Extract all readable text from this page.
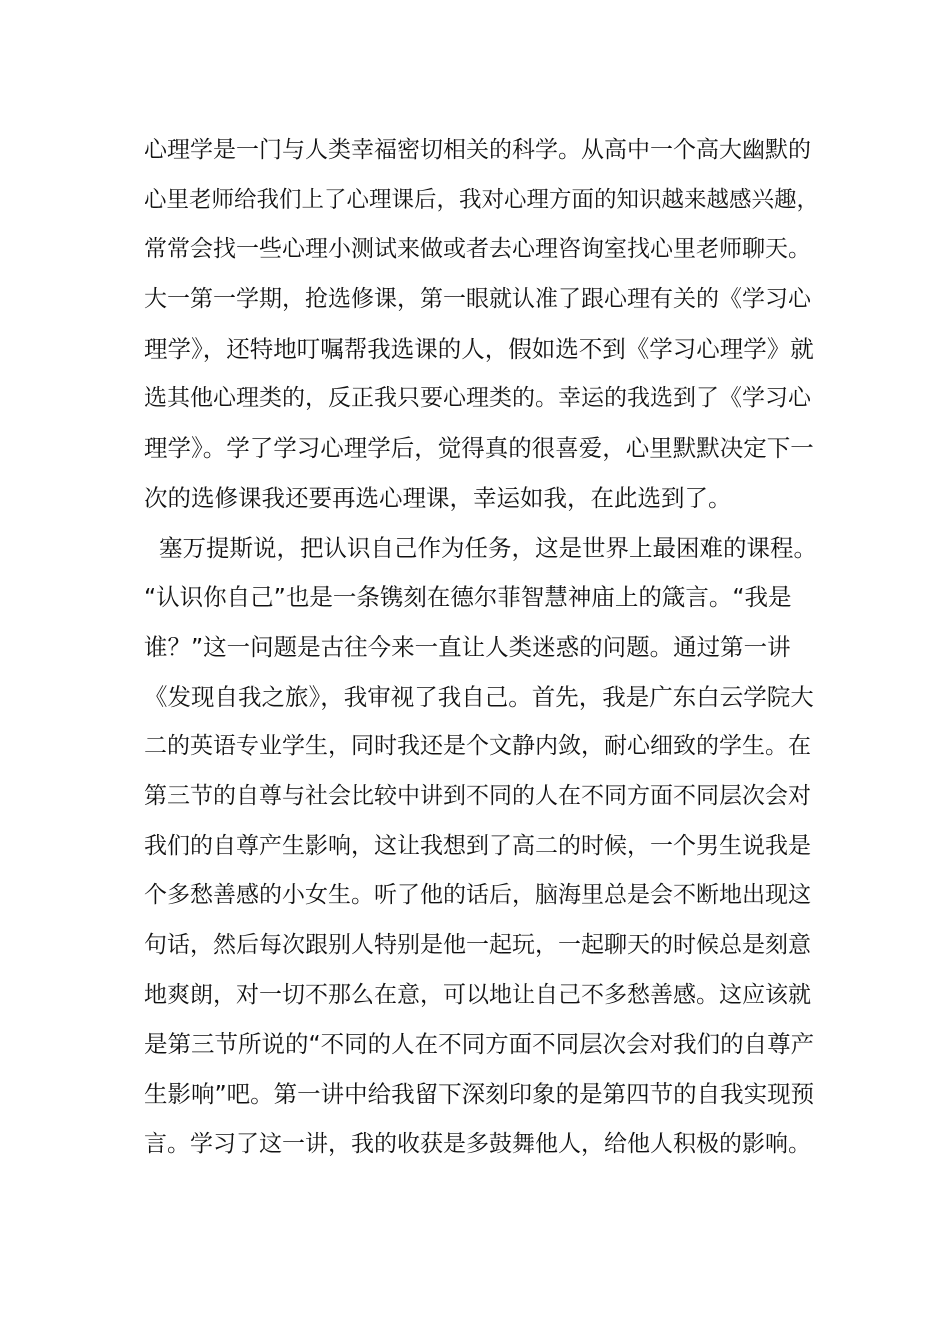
心理学是一门与人类幸福密切相关的科学。从高中一个高大幽默的
心里老师给我们上了心理课后，我对心理方面的知识越来越感兴趣，
常常会找一些心理小测试来做或者去心理咨询室找心里老师聊天。
大一第一学期，抢选修课，第一眼就认准了跟心理有关的《学习心
理学》，还特地叮嘱帮我选课的人，假如选不到《学习心理学》就
选其他心理类的，反正我只要心理类的。幸运的我选到了《学习心
理学》。学了学习心理学后，觉得真的很喜爱，心里默默决定下一
次的选修课我还要再选心理课，幸运如我，在此选到了。
塞万提斯说，把认识自己作为任务，这是世界上最困难的课程。
“认识你自己”也是一条镌刻在德尔菲智慧神庙上的箴言。“我是
谁？”这一问题是古往今来一直让人类迷惑的问题。通过第一讲
《发现自我之旅》，我审视了我自己。首先，我是广东白云学院大
二的英语专业学生，同时我还是个文静内敛，耐心细致的学生。在
第三节的自尊与社会比较中讲到不同的人在不同方面不同层次会对
我们的自尊产生影响，这让我想到了高二的时候，一个男生说我是
个多愁善感的小女生。听了他的话后，脑海里总是会不断地出现这
句话，然后每次跟别人特别是他一起玩，一起聊天的时候总是刻意
地爽朗，对一切不那么在意，可以地让自己不多愁善感。这应该就
是第三节所说的“不同的人在不同方面不同层次会对我们的自尊产
生影响”吧。第一讲中给我留下深刻印象的是第四节的自我实现预
言。学习了这一讲，我的收获是多鼓舞他人，给他人积极的影响。
